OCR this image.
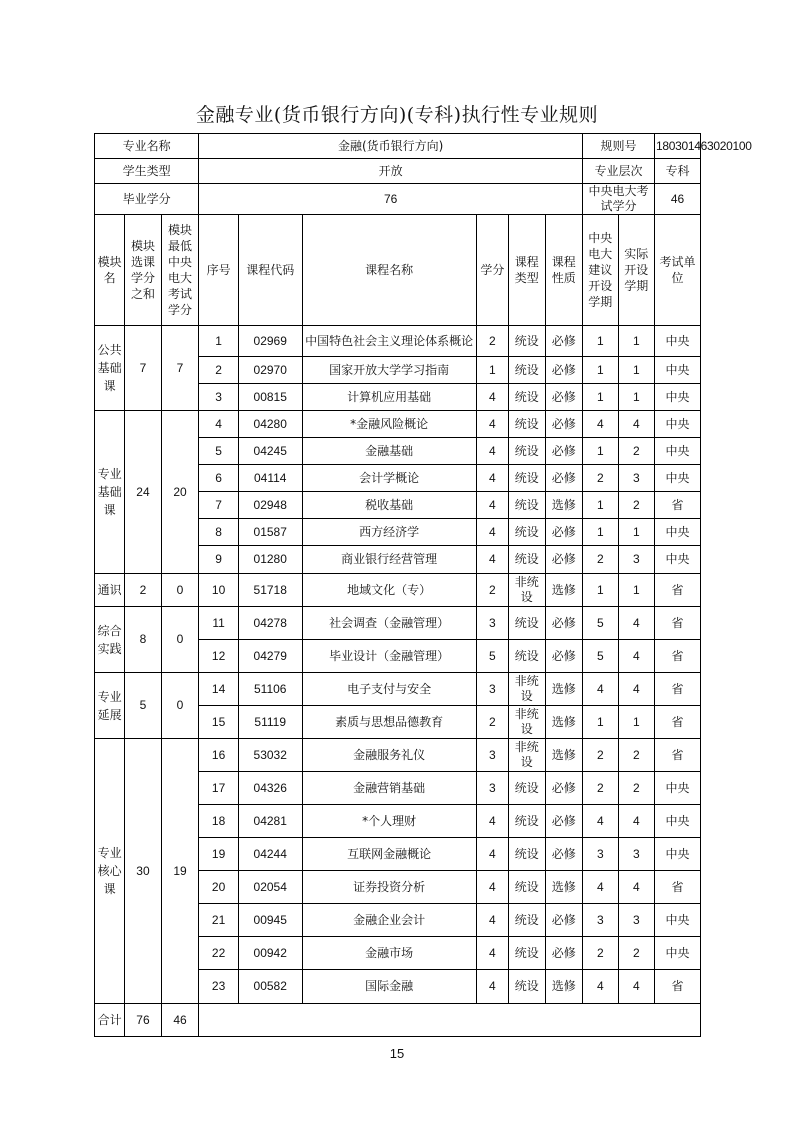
金融专业(货币银行方向)(专科)执行性专业规则
专业名称			金融(货币银行方向)						规则号		180301463020100
学生类型			开放						专业层次		专科
毕业学分			76						中央电大考试学分		46
模块名	模块选课学分之和	模块最低中央电大考试学分	序号	课程代码	课程名称	学分	课程类型	课程性质	中央电大建议开设学期	实际开设学期	考试单位
公共基础课	7	7	1	02969	中国特色社会主义理论体系概论	2	统设	必修	1	1	中央
			2	02970	国家开放大学学习指南	1	统设	必修	1	1	中央
			3	00815	计算机应用基础	4	统设	必修	1	1	中央
专业基础课	24	20	4	04280	*金融风险概论	4	统设	必修	4	4	中央
			5	04245	金融基础	4	统设	必修	1	2	中央
			6	04114	会计学概论	4	统设	必修	2	3	中央
			7	02948	税收基础	4	统设	选修	1	2	省
			8	01587	西方经济学	4	统设	必修	1	1	中央
			9	01280	商业银行经营管理	4	统设	必修	2	3	中央
通识	2	0	10	51718	地域文化（专）	2	非统设	选修	1	1	省
综合实践	8	0	11	04278	社会调查（金融管理）	3	统设	必修	5	4	省
			12	04279	毕业设计（金融管理）	5	统设	必修	5	4	省
专业延展	5	0	14	51106	电子支付与安全	3	非统设	选修	4	4	省
			15	51119	素质与思想品德教育	2	非统设	选修	1	1	省
专业核心课	30	19	16	53032	金融服务礼仪	3	非统设	选修	2	2	省
			17	04326	金融营销基础	3	统设	必修	2	2	中央
			18	04281	*个人理财	4	统设	必修	4	4	中央
			19	04244	互联网金融概论	4	统设	必修	3	3	中央
			20	02054	证券投资分析	4	统设	选修	4	4	省
			21	00945	金融企业会计	4	统设	必修	3	3	中央
			22	00942	金融市场	4	统设	必修	2	2	中央
			23	00582	国际金融	4	统设	选修	4	4	省
合计	76	46									
15
